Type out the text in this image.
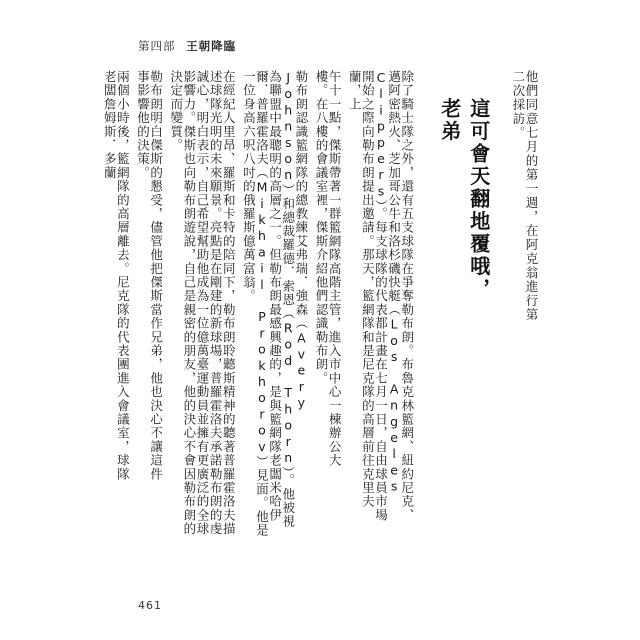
第四部 王朝降臨
他們同意七月的第一週，在阿克翁進行第二次採訪。
這可會天翻地覆哦，老弟
除了騎士隊之外，還有五支球隊在爭奪勒布朗。布魯克林籃網、紐約尼克、邁阿密熱火、芝加哥公牛和洛杉磯快艇（Los Angeles Clippers）。每支球隊的代表都計畫在七月一日，自由球員市場開始之際向勒布朗提出邀請。那天，籃網隊和是尼克隊的高層前往克里夫蘭，上
午十一點，傑斯帶著一群籃網隊高階主管，進入市中心一棟辦公大樓。在八樓的會議室裡，傑斯介紹他們認識勒布朗。
勒布朗認識籃網隊的總教練艾弗瑞．強森（Avery Johnson）和總裁羅德．索恩（Rod Thorn）。他被視為聯盟中最聰明的高層之一。但勒布朗最感興趣的，是與籃網隊老闆米哈伊爾．普羅霍洛夫（Mikhail Prokhorov）見面。他是一位身高六呎八吋的俄羅斯億萬富翁。
在經紀人里昂、羅斯和卡特的陪同下，勒布朗聆聽斯精神的聽著普羅霍洛夫描述球隊光明的未來願景。亮點是在剛建的新球場，普羅霍洛夫承諾勒布朗的虔誠心，明白表示，自己希望幫助他成為一位億萬臺運動員並擁有更廣泛的全球影響力。傑斯也向勒布朗遊說，自己是親密的朋友，他的決心不會因勒布朗的決定而變質。
勒布朗明白傑斯的懇受，儘管他把傑斯當作兄弟，他也決心不讓這件事影響他的決策。
兩個小時後，籃網隊的高層離去。尼克隊的代表團進入會議室，球隊老闆詹姆斯．多蘭
461
